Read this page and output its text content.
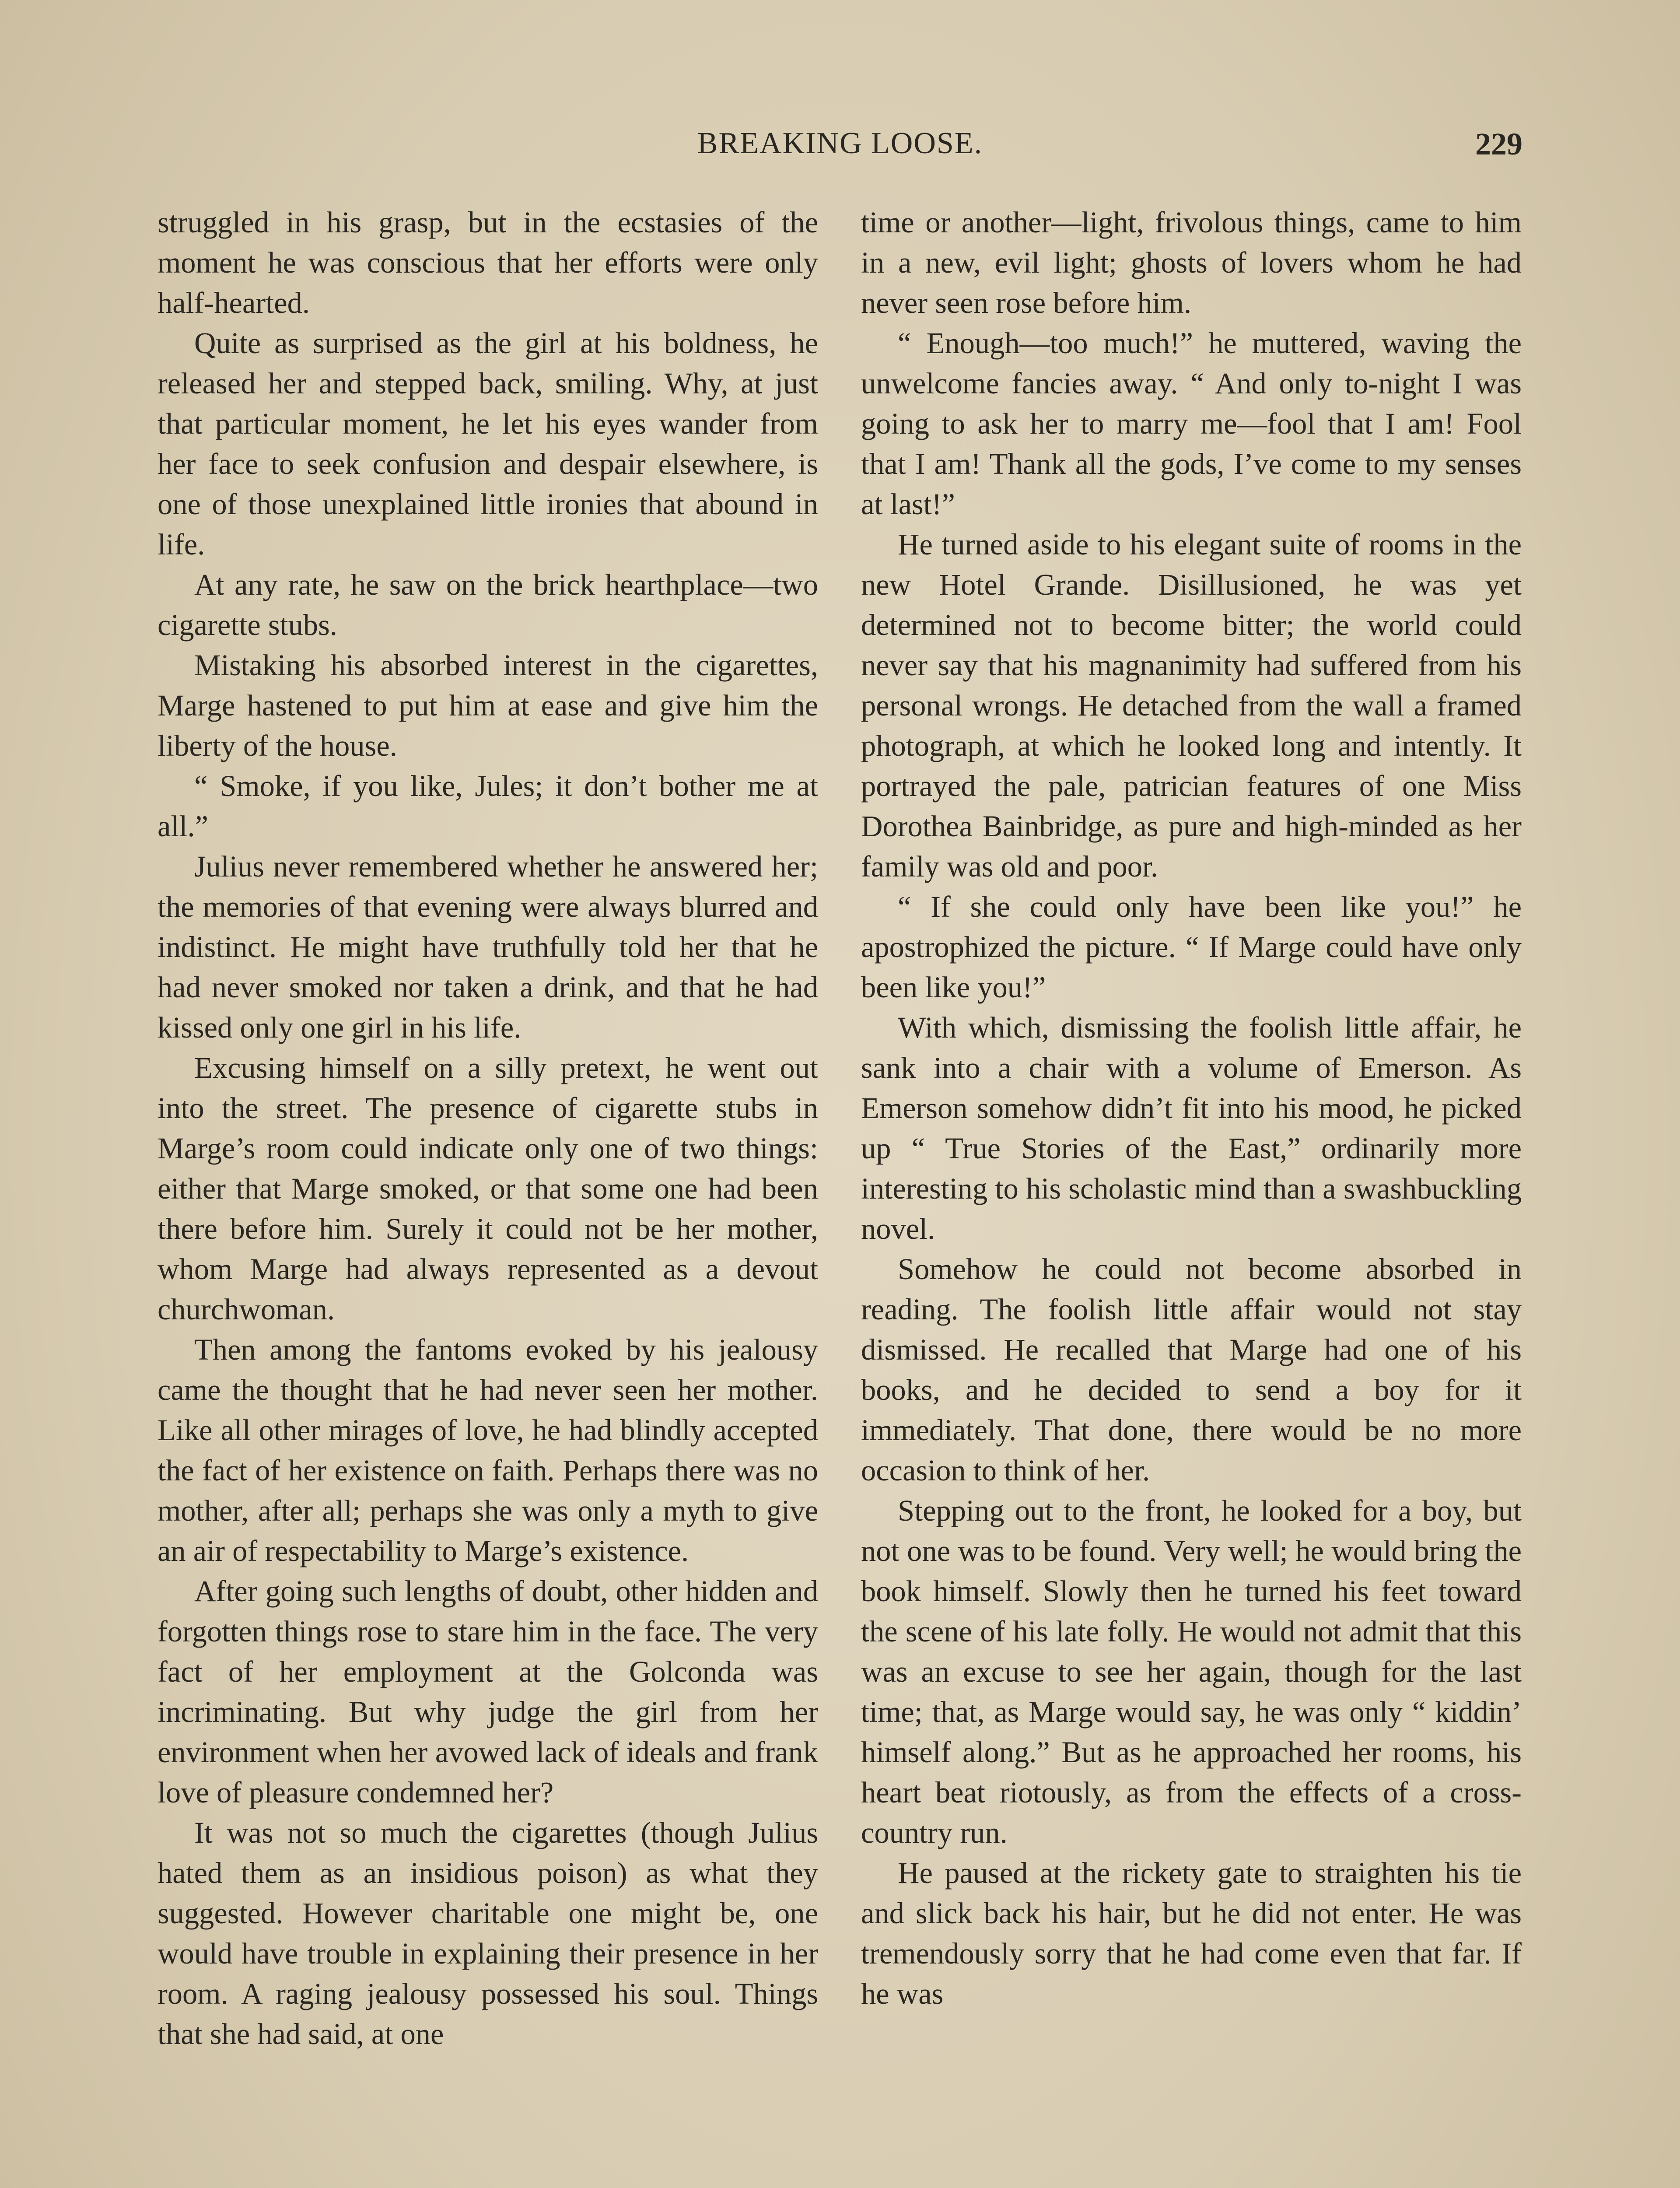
BREAKING LOOSE.	229

struggled in his grasp, but in the ecstasies of the moment he was conscious that her efforts were only half-hearted.

Quite as surprised as the girl at his boldness, he released her and stepped back, smiling. Why, at just that particular moment, he let his eyes wander from her face to seek confusion and despair elsewhere, is one of those unexplained little ironies that abound in life.

At any rate, he saw on the brick hearthplace—two cigarette stubs.

Mistaking his absorbed interest in the cigarettes, Marge hastened to put him at ease and give him the liberty of the house.

“ Smoke, if you like, Jules; it don’t bother me at all.”

Julius never remembered whether he answered her; the memories of that evening were always blurred and indistinct. He might have truthfully told her that he had never smoked nor taken a drink, and that he had kissed only one girl in his life.

Excusing himself on a silly pretext, he went out into the street. The presence of cigarette stubs in Marge’s room could indicate only one of two things: either that Marge smoked, or that some one had been there before him. Surely it could not be her mother, whom Marge had always represented as a devout churchwoman.

Then among the fantoms evoked by his jealousy came the thought that he had never seen her mother. Like all other mirages of love, he had blindly accepted the fact of her existence on faith. Perhaps there was no mother, after all; perhaps she was only a myth to give an air of respectability to Marge’s existence.

After going such lengths of doubt, other hidden and forgotten things rose to stare him in the face. The very fact of her employment at the Golconda was incriminating. But why judge the girl from her environment when her avowed lack of ideals and frank love of pleasure condemned her?

It was not so much the cigarettes (though Julius hated them as an insidious poison) as what they suggested. However charitable one might be, one would have trouble in explaining their presence in her room. A raging jealousy possessed his soul. Things that she had said, at one

time or another—light, frivolous things, came to him in a new, evil light; ghosts of lovers whom he had never seen rose before him.

“ Enough—too much!” he muttered, waving the unwelcome fancies away. “ And only to-night I was going to ask her to marry me—fool that I am! Fool that I am! Thank all the gods, I’ve come to my senses at last!”

He turned aside to his elegant suite of rooms in the new Hotel Grande. Disillusioned, he was yet determined not to become bitter; the world could never say that his magnanimity had suffered from his personal wrongs. He detached from the wall a framed photograph, at which he looked long and intently. It portrayed the pale, patrician features of one Miss Dorothea Bainbridge, as pure and high-minded as her family was old and poor.

“ If she could only have been like you!” he apostrophized the picture. “ If Marge could have only been like you!”

With which, dismissing the foolish little affair, he sank into a chair with a volume of Emerson. As Emerson somehow didn’t fit into his mood, he picked up “ True Stories of the East,” ordinarily more interesting to his scholastic mind than a swashbuckling novel.

Somehow he could not become absorbed in reading. The foolish little affair would not stay dismissed. He recalled that Marge had one of his books, and he decided to send a boy for it immediately. That done, there would be no more occasion to think of her.

Stepping out to the front, he looked for a boy, but not one was to be found. Very well; he would bring the book himself. Slowly then he turned his feet toward the scene of his late folly. He would not admit that this was an excuse to see her again, though for the last time; that, as Marge would say, he was only “ kiddin’ himself along.” But as he approached her rooms, his heart beat riotously, as from the effects of a cross-country run.

He paused at the rickety gate to straighten his tie and slick back his hair, but he did not enter. He was tremendously sorry that he had come even that far. If he was
